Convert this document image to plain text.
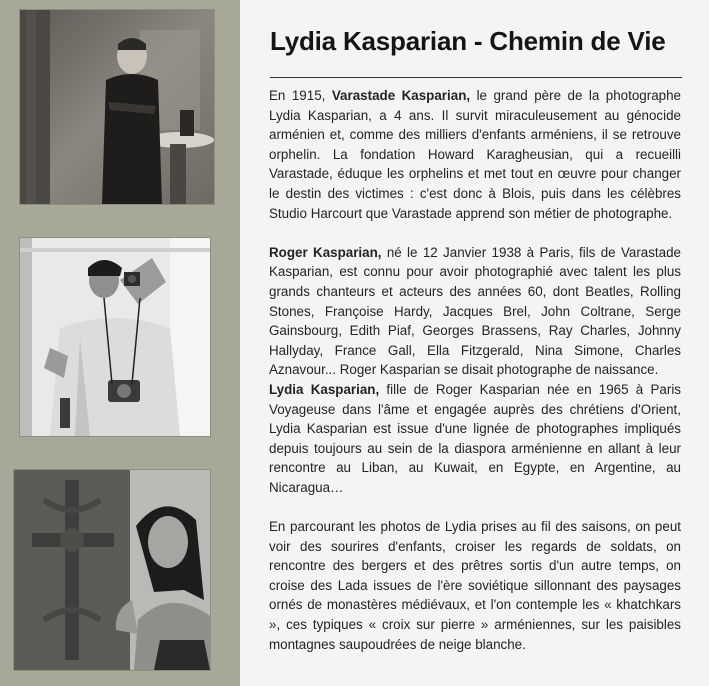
Lydia Kasparian - Chemin de Vie

En 1915, Varastade Kasparian, le grand père de la photographe Lydia Kasparian, a 4 ans. Il survit miraculeusement au génocide arménien et, comme des milliers d'enfants arméniens, il se retrouve orphelin. La fondation Howard Karagheusian, qui a recueilli Varastade, éduque les orphelins et met tout en œuvre pour changer le destin des victimes : c'est donc à Blois, puis dans les célèbres Studio Harcourt que Varastade apprend son métier de photographe.

Roger Kasparian, né le 12 Janvier 1938 à Paris, fils de Varastade Kasparian, est connu pour avoir photographié avec talent les plus grands chanteurs et acteurs des années 60, dont Beatles, Rolling Stones, Françoise Hardy, Jacques Brel, John Coltrane, Serge Gainsbourg, Edith Piaf, Georges Brassens, Ray Charles, Johnny Hallyday, France Gall, Ella Fitzgerald, Nina Simone, Charles Aznavour... Roger Kasparian se disait photographe de naissance.

Lydia Kasparian, fille de Roger Kasparian née en 1965 à Paris Voyageuse dans l'âme et engagée auprès des chrétiens d'Orient, Lydia Kasparian est issue d'une lignée de photographes impliqués depuis toujours au sein de la diaspora arménienne en allant à leur rencontre au Liban, au Kuwait, en Egypte, en Argentine, au Nicaragua…

En parcourant les photos de Lydia prises au fil des saisons, on peut voir des sourires d'enfants, croiser les regards de soldats, on rencontre des bergers et des prêtres sortis d'un autre temps, on croise des Lada issues de l'ère soviétique sillonnant des paysages ornés de monastères médiévaux, et l'on contemple les « khatchkars », ces typiques « croix sur pierre » arméniennes, sur les paisibles montagnes saupoudrées de neige blanche.
